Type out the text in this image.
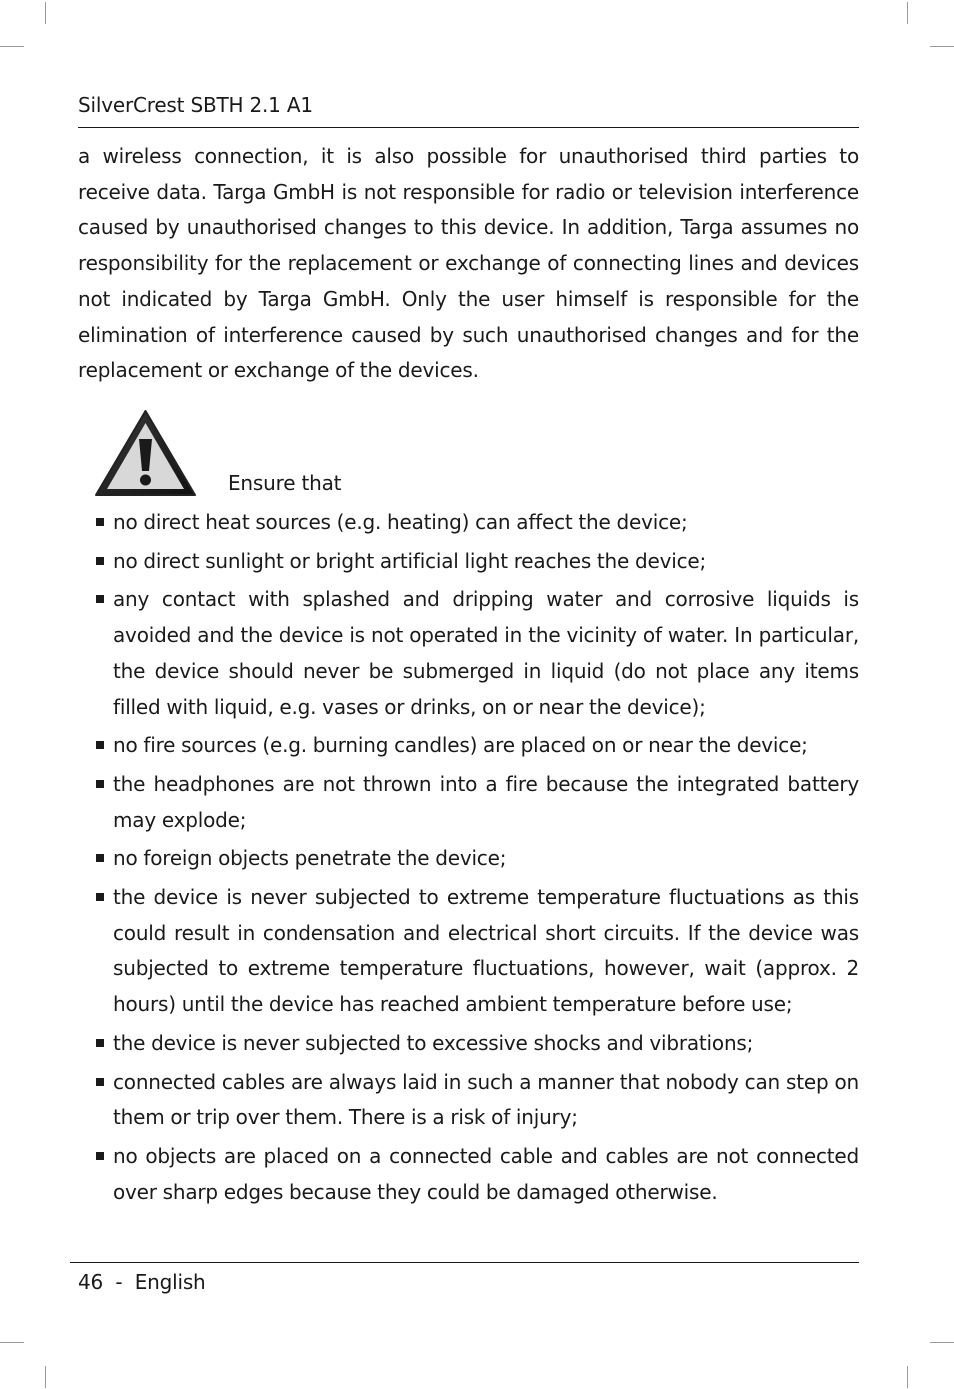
SilverCrest SBTH 2.1 A1

a wireless connection, it is also possible for unauthorised third parties to receive data. Targa GmbH is not responsible for radio or television interference caused by unauthorised changes to this device. In addition, Targa assumes no responsibility for the replacement or exchange of connecting lines and devices not indicated by Targa GmbH. Only the user himself is responsible for the elimination of interference caused by such unauthorised changes and for the replacement or exchange of the devices.

Ensure that
no direct heat sources (e.g. heating) can affect the device;
no direct sunlight or bright artificial light reaches the device;
any contact with splashed and dripping water and corrosive liquids is avoided and the device is not operated in the vicinity of water. In particular, the device should never be submerged in liquid (do not place any items filled with liquid, e.g. vases or drinks, on or near the device);
no fire sources (e.g. burning candles) are placed on or near the device;
the headphones are not thrown into a fire because the integrated battery may explode;
no foreign objects penetrate the device;
the device is never subjected to extreme temperature fluctuations as this could result in condensation and electrical short circuits. If the device was subjected to extreme temperature fluctuations, however, wait (approx. 2 hours) until the device has reached ambient temperature before use;
the device is never subjected to excessive shocks and vibrations;
connected cables are always laid in such a manner that nobody can step on them or trip over them. There is a risk of injury;
no objects are placed on a connected cable and cables are not connected over sharp edges because they could be damaged otherwise.
46  -  English
